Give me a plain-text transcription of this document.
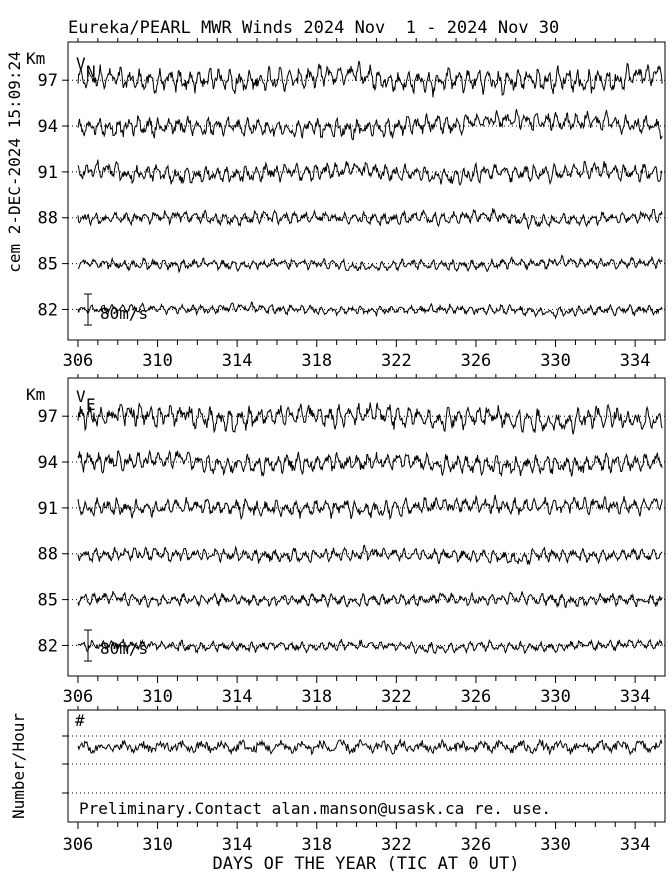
Eureka/PEARL MWR Winds 2024 Nov  1 - 2024 Nov 30
cem 2-DEC-2024 15:09:24 Km V N
97
94
91
88
85
82	80m/s
306	310	314	318	322	326	330	334
Km V E
97
94
91
88
85
82	80m/s
306	310	314	318	322	326	330	334
Number/Hour	#
Preliminary.Contact alan.manson@usask.ca re. use.
306	310	314	318	322	326	330	334
DAYS OF THE YEAR (TIC AT 0 UT)
